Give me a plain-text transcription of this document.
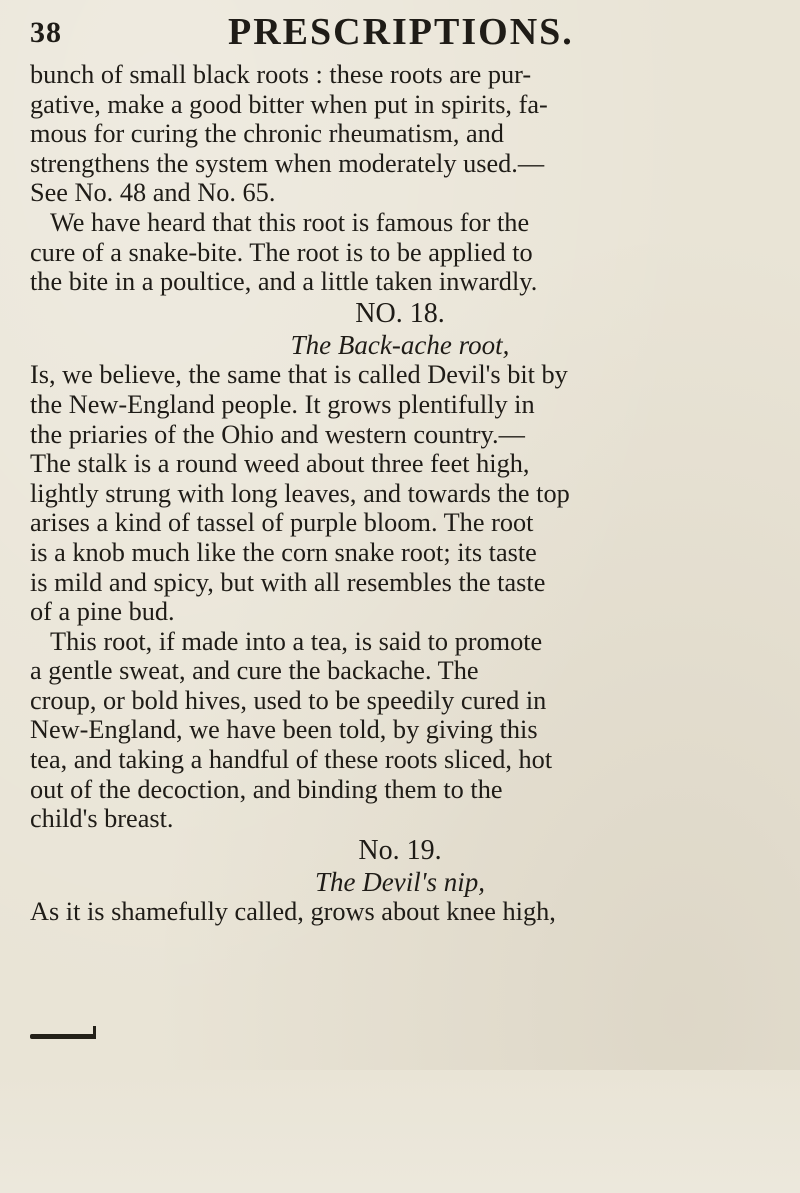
38	PRESCRIPTIONS.
bunch of small black roots : these roots are pur-
gative, make a good bitter when put in spirits, fa-
mous for curing the chronic rheumatism, and
strengthens the system when moderately used.—
See No. 48 and No. 65.
We have heard that this root is famous for the
cure of a snake-bite. The root is to be applied to
the bite in a poultice, and a little taken inwardly.
NO. 18.
The Back-ache root,
Is, we believe, the same that is called Devil's bit by
the New-England people. It grows plentifully in
the priaries of the Ohio and western country.—
The stalk is a round weed about three feet high,
lightly strung with long leaves, and towards the top
arises a kind of tassel of purple bloom. The root
is a knob much like the corn snake root; its taste
is mild and spicy, but with all resembles the taste
of a pine bud.
This root, if made into a tea, is said to promote
a gentle sweat, and cure the backache. The
croup, or bold hives, used to be speedily cured in
New-England, we have been told, by giving this
tea, and taking a handful of these roots sliced, hot
out of the decoction, and binding them to the
child's breast.
No. 19.
The Devil's nip,
As it is shamefully called, grows about knee high,
